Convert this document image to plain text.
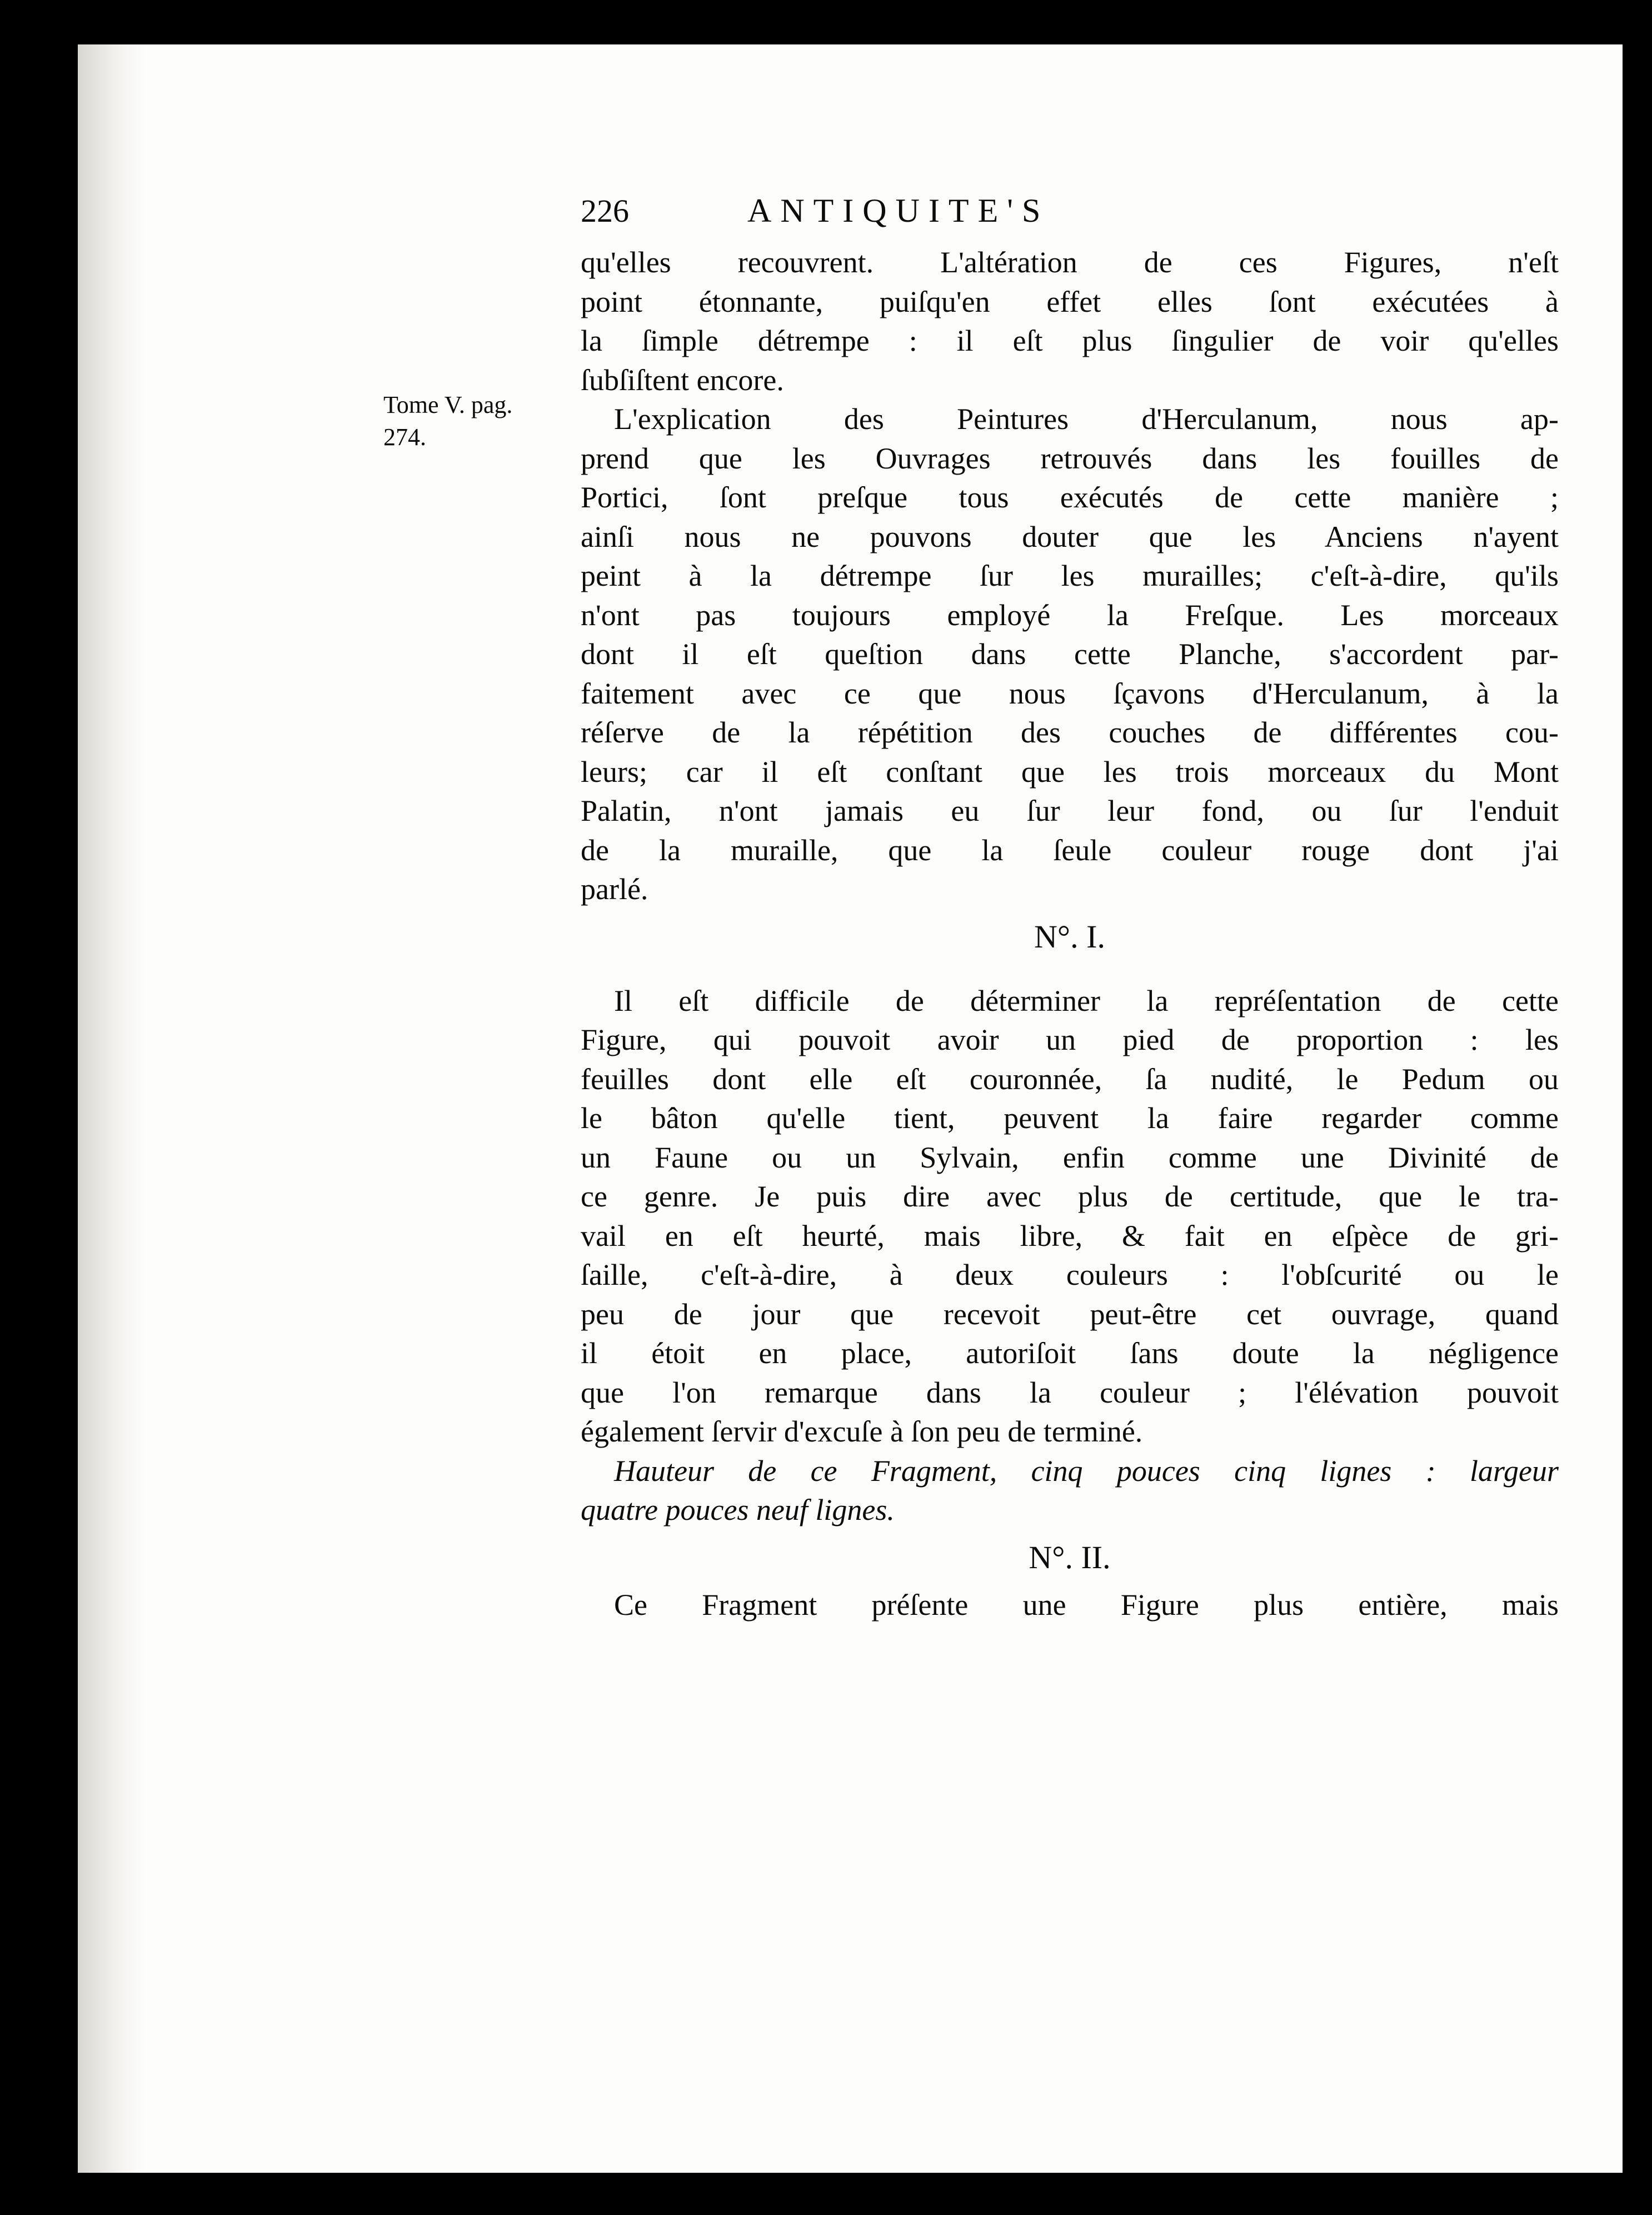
Tome V. pag.
274.
226	ANTIQUITE'S
qu'elles recouvrent. L'altération de ces Figures, n'eſt
point étonnante, puiſqu'en effet elles ſont exécutées à
la ſimple détrempe : il eſt plus ſingulier de voir qu'elles
ſubſiſtent encore.
L'explication des Peintures d'Herculanum, nous ap-
prend que les Ouvrages retrouvés dans les fouilles de
Portici, ſont preſque tous exécutés de cette manière ;
ainſi nous ne pouvons douter que les Anciens n'ayent
peint à la détrempe ſur les murailles; c'eſt-à-dire, qu'ils
n'ont pas toujours employé la Freſque. Les morceaux
dont il eſt queſtion dans cette Planche, s'accordent par-
faitement avec ce que nous ſçavons d'Herculanum, à la
réſerve de la répétition des couches de différentes cou-
leurs; car il eſt conſtant que les trois morceaux du Mont
Palatin, n'ont jamais eu ſur leur fond, ou ſur l'enduit
de la muraille, que la ſeule couleur rouge dont j'ai
parlé.
N°. I.
Il eſt difficile de déterminer la repréſentation de cette
Figure, qui pouvoit avoir un pied de proportion : les
feuilles dont elle eſt couronnée, ſa nudité, le Pedum ou
le bâton qu'elle tient, peuvent la faire regarder comme
un Faune ou un Sylvain, enfin comme une Divinité de
ce genre. Je puis dire avec plus de certitude, que le tra-
vail en eſt heurté, mais libre, & fait en eſpèce de gri-
ſaille, c'eſt-à-dire, à deux couleurs : l'obſcurité ou le
peu de jour que recevoit peut-être cet ouvrage, quand
il étoit en place, autoriſoit ſans doute la négligence
que l'on remarque dans la couleur ; l'élévation pouvoit
également ſervir d'excuſe à ſon peu de terminé.
Hauteur de ce Fragment, cinq pouces cinq lignes : largeur
quatre pouces neuf lignes.
N°. II.
Ce Fragment préſente une Figure plus entière, mais
